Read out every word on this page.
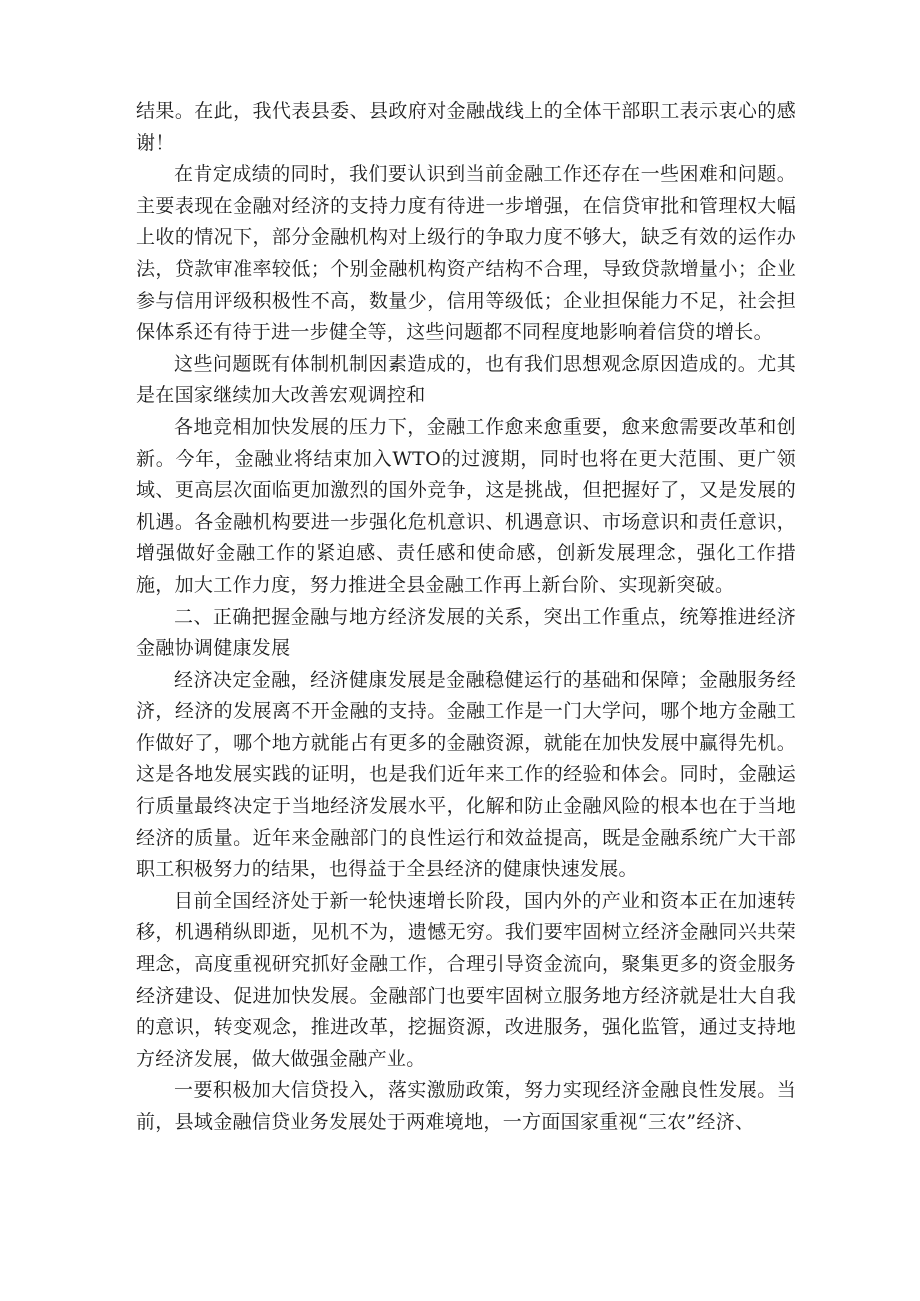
结果。在此，我代表县委、县政府对金融战线上的全体干部职工表示衷心的感谢！

在肯定成绩的同时，我们要认识到当前金融工作还存在一些困难和问题。主要表现在金融对经济的支持力度有待进一步增强，在信贷审批和管理权大幅上收的情况下，部分金融机构对上级行的争取力度不够大，缺乏有效的运作办法，贷款审准率较低；个别金融机构资产结构不合理，导致贷款增量小；企业参与信用评级积极性不高，数量少，信用等级低；企业担保能力不足，社会担保体系还有待于进一步健全等，这些问题都不同程度地影响着信贷的增长。

这些问题既有体制机制因素造成的，也有我们思想观念原因造成的。尤其是在国家继续加大改善宏观调控和

各地竞相加快发展的压力下，金融工作愈来愈重要，愈来愈需要改革和创新。今年，金融业将结束加入WTO的过渡期，同时也将在更大范围、更广领域、更高层次面临更加激烈的国外竞争，这是挑战，但把握好了，又是发展的机遇。各金融机构要进一步强化危机意识、机遇意识、市场意识和责任意识，增强做好金融工作的紧迫感、责任感和使命感，创新发展理念，强化工作措施，加大工作力度，努力推进全县金融工作再上新台阶、实现新突破。

二、正确把握金融与地方经济发展的关系，突出工作重点，统筹推进经济金融协调健康发展

经济决定金融，经济健康发展是金融稳健运行的基础和保障；金融服务经济，经济的发展离不开金融的支持。金融工作是一门大学问，哪个地方金融工作做好了，哪个地方就能占有更多的金融资源，就能在加快发展中赢得先机。这是各地发展实践的证明，也是我们近年来工作的经验和体会。同时，金融运行质量最终决定于当地经济发展水平，化解和防止金融风险的根本也在于当地经济的质量。近年来金融部门的良性运行和效益提高，既是金融系统广大干部职工积极努力的结果，也得益于全县经济的健康快速发展。

目前全国经济处于新一轮快速增长阶段，国内外的产业和资本正在加速转移，机遇稍纵即逝，见机不为，遗憾无穷。我们要牢固树立经济金融同兴共荣理念，高度重视研究抓好金融工作，合理引导资金流向，聚集更多的资金服务经济建设、促进加快发展。金融部门也要牢固树立服务地方经济就是壮大自我的意识，转变观念，推进改革，挖掘资源，改进服务，强化监管，通过支持地方经济发展，做大做强金融产业。

一要积极加大信贷投入，落实激励政策，努力实现经济金融良性发展。当前，县域金融信贷业务发展处于两难境地，一方面国家重视“三农”经济、
